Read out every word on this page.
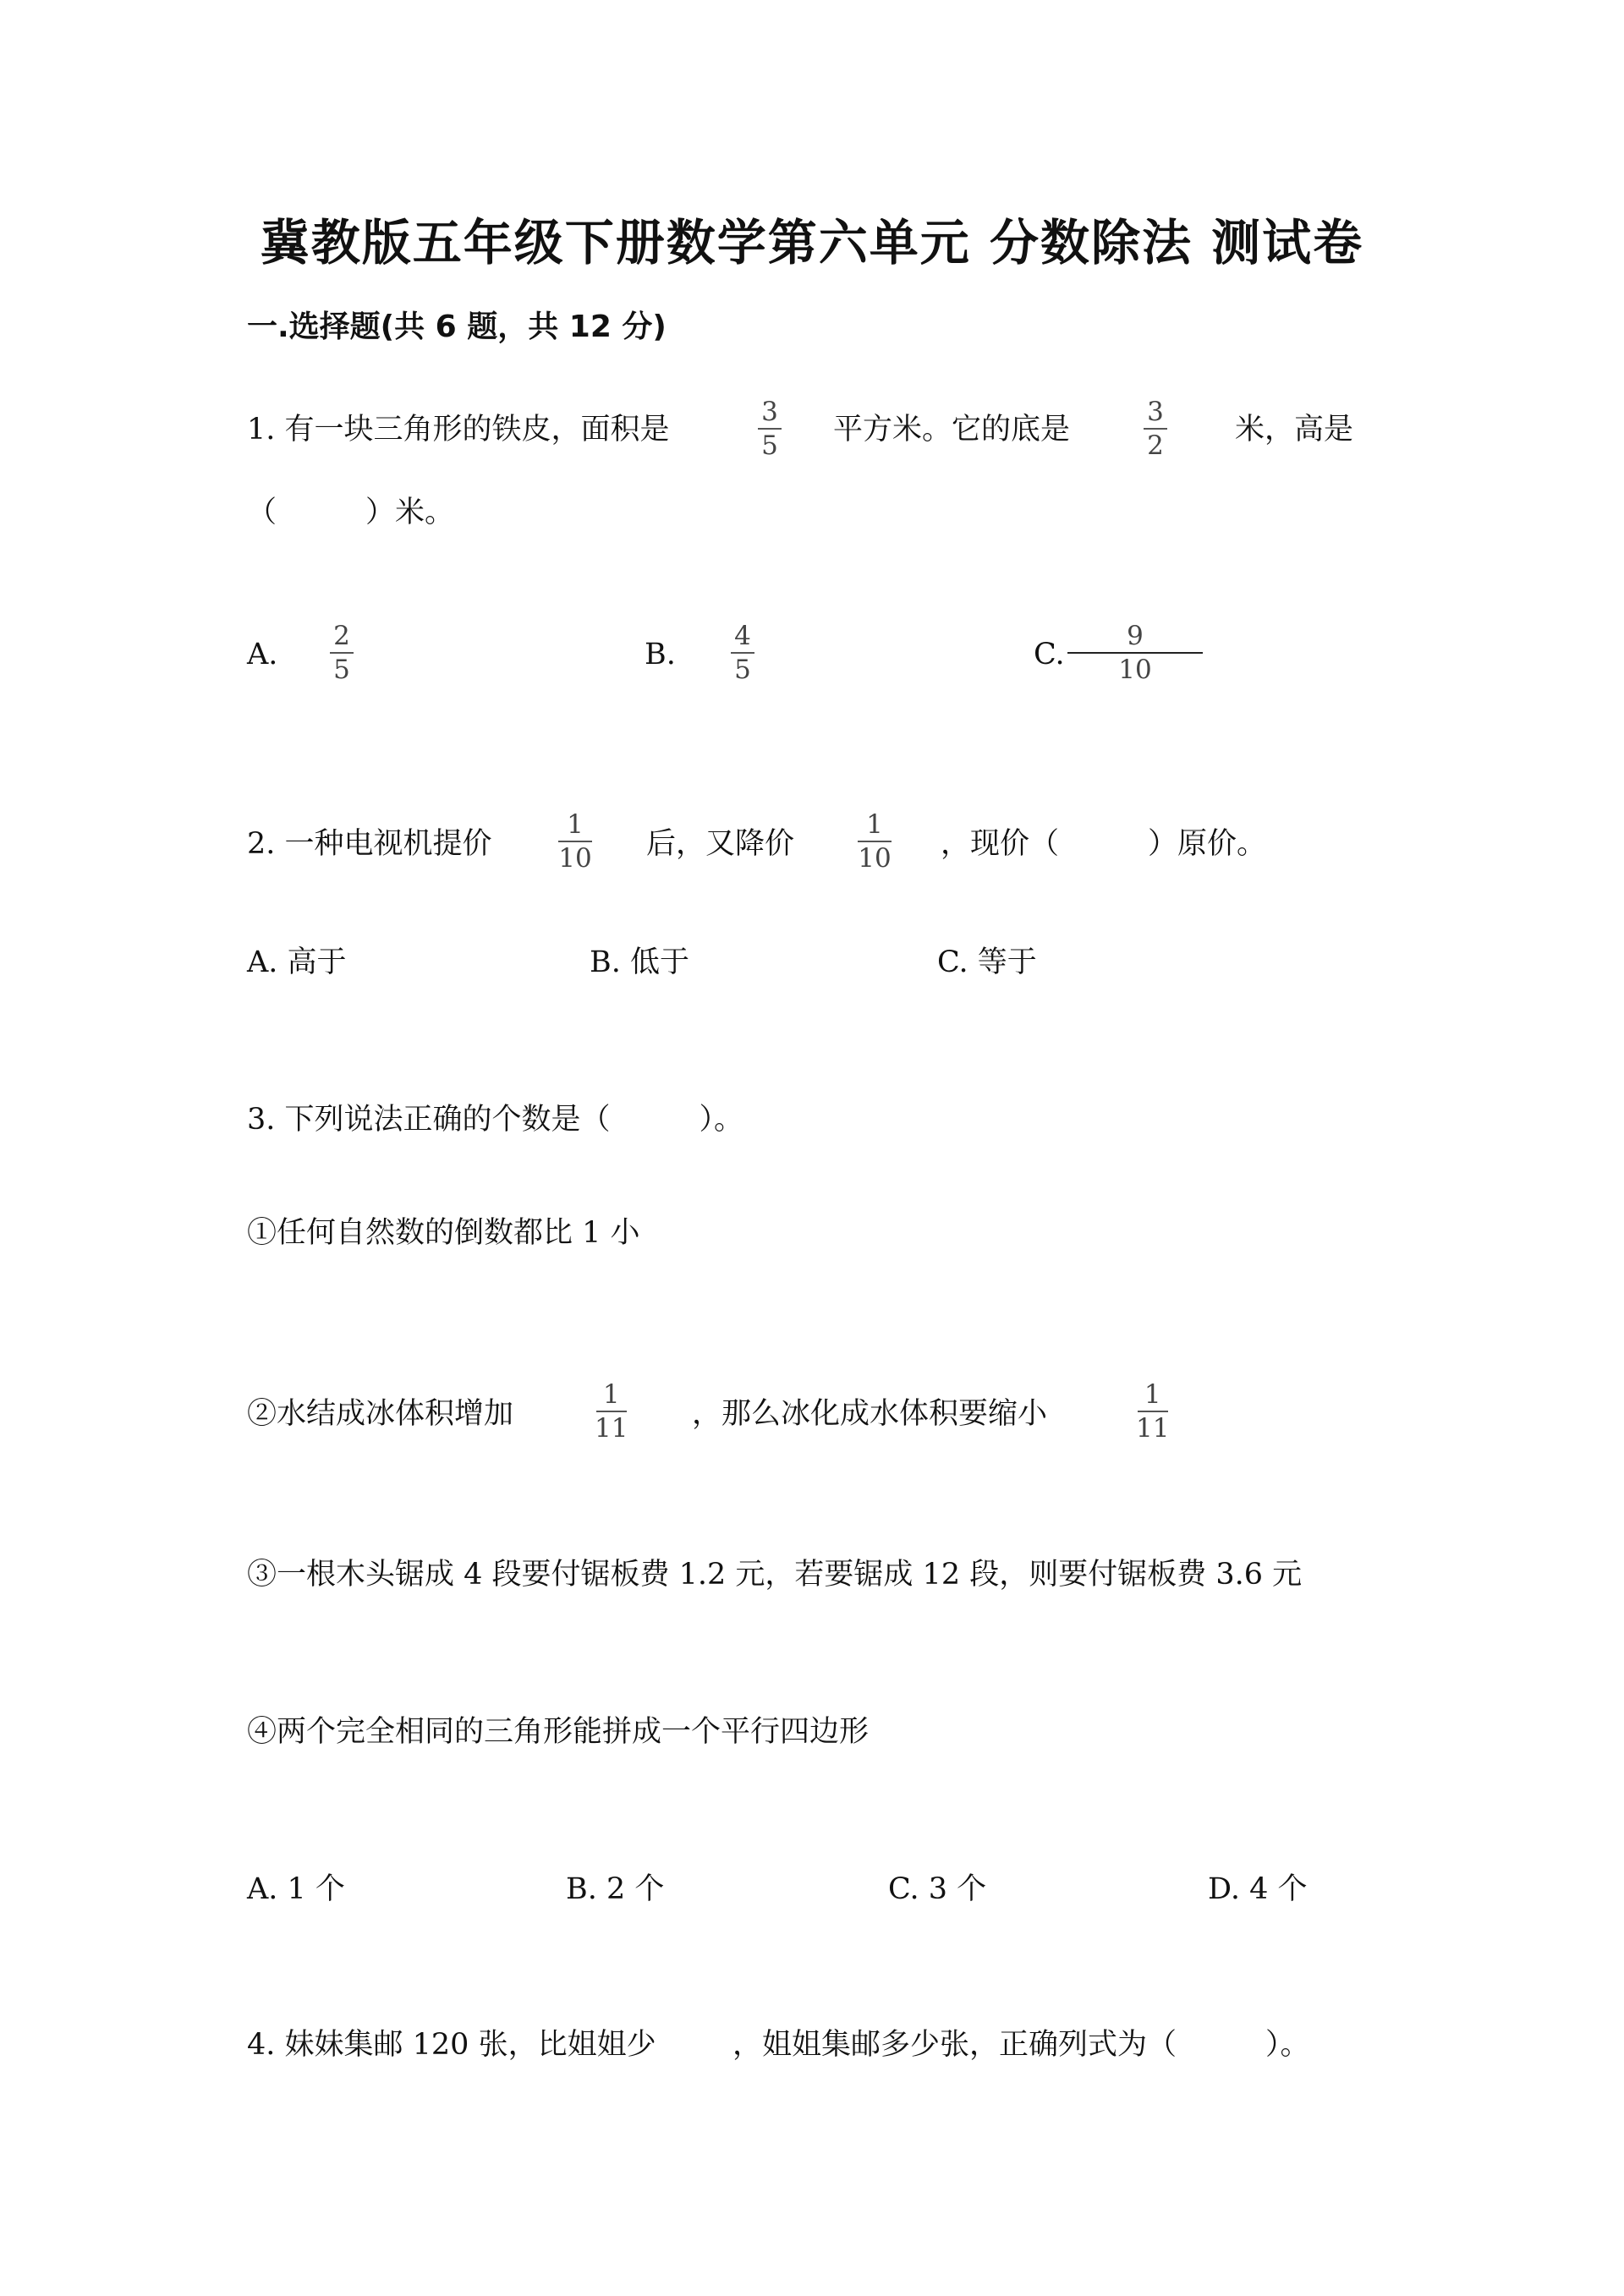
冀教版五年级下册数学第六单元 分数除法 测试卷
一.选择题(共 6 题，共 12 分)
1. 有一块三角形的铁皮，面积是
3
5 平方米。它的底是
3
2 米，高是
（　　　）米。
A.
2
5	B.
4
5	C.
9
10
2. 一种电视机提价
1
10 后，又降价
1
10 ，现价（　　　）原价。
A. 高于	B. 低于	C. 等于
3. 下列说法正确的个数是（　　　）。
①任何自然数的倒数都比 1 小
②水结成冰体积增加
1
11 ，那么冰化成水体积要缩小
1
11
③一根木头锯成 4 段要付锯板费 1.2 元，若要锯成 12 段，则要付锯板费 3.6 元
④两个完全相同的三角形能拼成一个平行四边形
A. 1 个	B. 2 个	C. 3 个	D. 4 个
4. 妹妹集邮 120 张，比姐姐少	，姐姐集邮多少张，正确列式为（　　　）。
